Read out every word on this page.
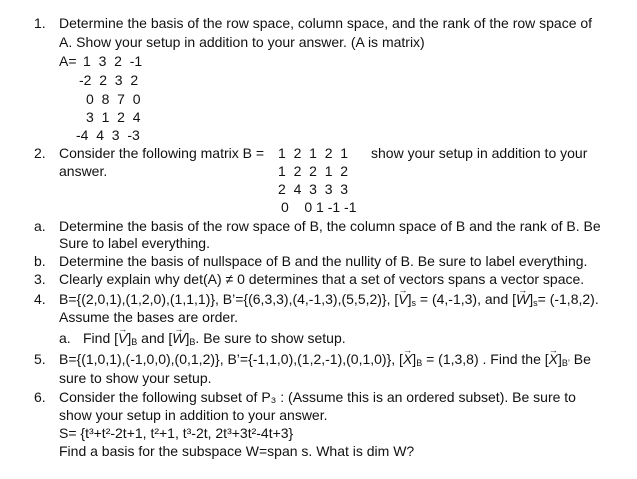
1. Determine the basis of the row space, column space, and the rank of the row space of
A. Show your setup in addition to your answer. (A is matrix)
A= 1  3  2  -1
-2  2  3  2
0  8  7  0
3  1  2  4
-4  4  3  -3
2. Consider the following matrix B = 1  2  1  2  1 show your setup in addition to your
answer.	1  2  2  1  2
2  4  3  3  3
0    0 1 -1 -1
a. Determine the basis of the row space of B, the column space of B and the rank of B. Be
Sure to label everything.
b. Determine the basis of nullspace of B and the nullity of B. Be sure to label everything.
3. Clearly explain why det(A) ≠ 0 determines that a set of vectors spans a vector space.
4. B={(2,0,1),(1,2,0),(1,1,1)}, B’={(6,3,3),(4,-1,3),(5,5,2)}, [→ $V]_s = (4,-1,3)$, and [→ $W]_s= (-1,8,2)$.
Assume the bases are order.
a. Find [→ $V]_B$ and [→ $W]_B$. Be sure to show setup.
5. B={(1,0,1),(-1,0,0),(0,1,2)}, B’={-1,1,0),(1,2,-1),(0,1,0)}, [→ $X]_B = (1,3,8)$ . Find the [→ $X]_{B’}$ Be
sure to show your setup.
6. Consider the following subset of P₃ : (Assume this is an ordered subset). Be sure to
show your setup in addition to your answer.
S= {t³+t²-2t+1, t²+1, t³-2t, 2t³+3t²-4t+3}
Find a basis for the subspace W=span s. What is dim W?
